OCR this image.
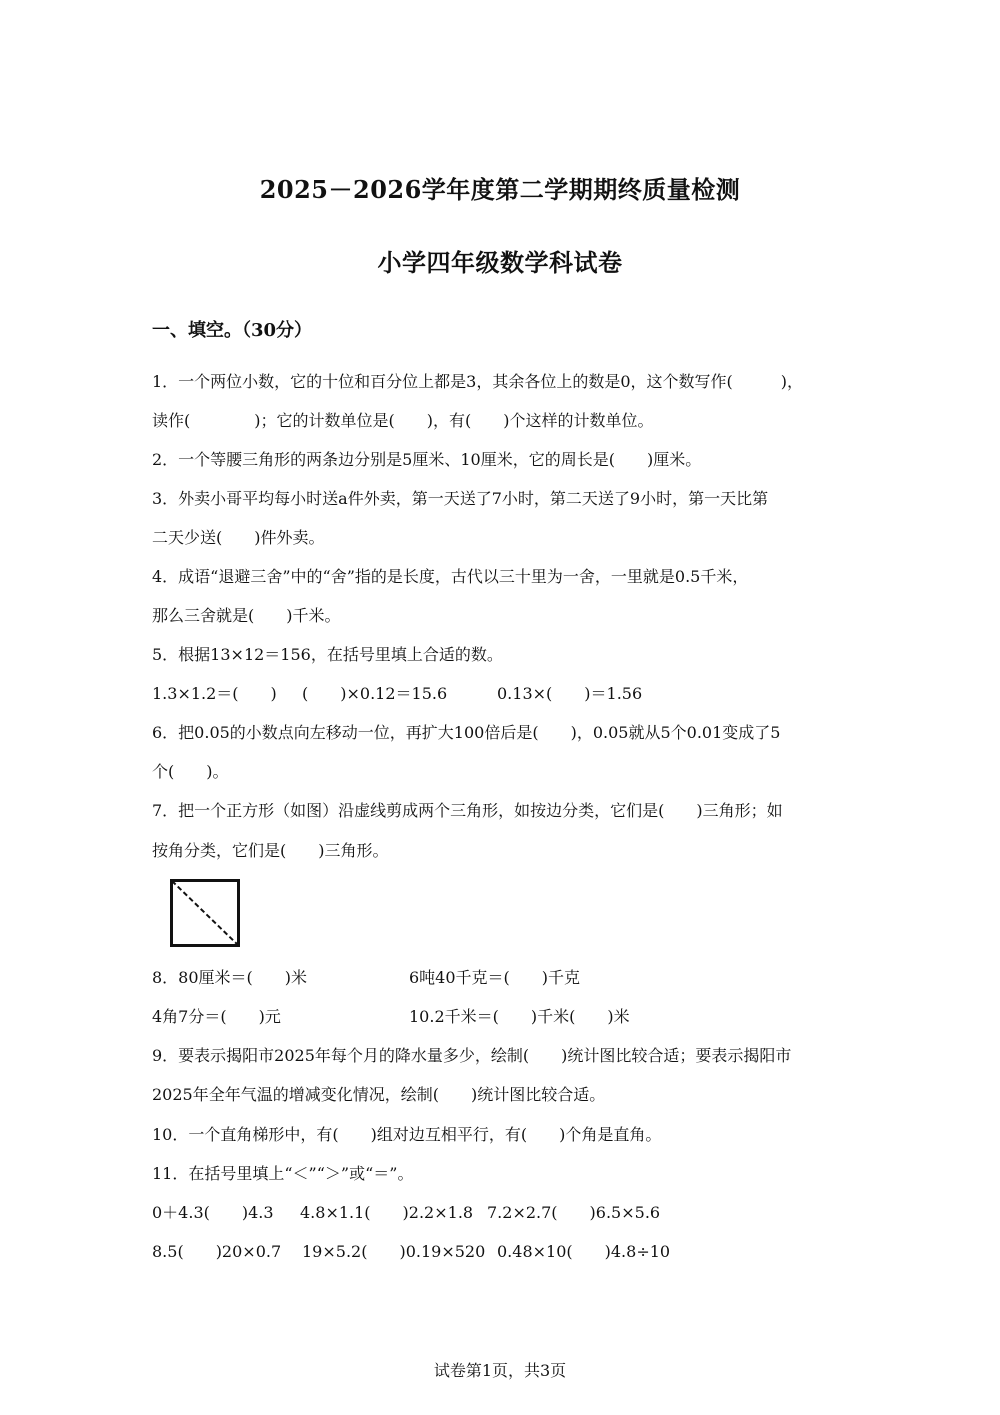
2025－2026学年度第二学期期终质量检测
小学四年级数学科试卷
一、填空。（30分）
1．一个两位小数，它的十位和百分位上都是3，其余各位上的数是0，这个数写作(　　　)，
读作(　　　　)；它的计数单位是(　　)，有(　　)个这样的计数单位。
2．一个等腰三角形的两条边分别是5厘米、10厘米，它的周长是(　　)厘米。
3．外卖小哥平均每小时送a件外卖，第一天送了7小时，第二天送了9小时，第一天比第
二天少送(　　)件外卖。
4．成语“退避三舍”中的“舍”指的是长度，古代以三十里为一舍，一里就是0.5千米，
那么三舍就是(　　)千米。
5．根据13×12＝156，在括号里填上合适的数。
1.3×1.2＝(　　) (　　)×0.12＝15.6	0.13×(　　)＝1.56
6．把0.05的小数点向左移动一位，再扩大100倍后是(　　)，0.05就从5个0.01变成了5
个(　　)。
7．把一个正方形（如图）沿虚线剪成两个三角形，如按边分类，它们是(　　)三角形；如
按角分类，它们是(　　)三角形。
8．80厘米＝(　　)米	6吨40千克＝(　　)千克
4角7分＝(　　)元	10.2千米＝(　　)千米(　　)米
9．要表示揭阳市2025年每个月的降水量多少，绘制(　　)统计图比较合适；要表示揭阳市
2025年全年气温的增减变化情况，绘制(　　)统计图比较合适。
10．一个直角梯形中，有(　　)组对边互相平行，有(　　)个角是直角。
11．在括号里填上“＜”“＞”或“＝”。
0＋4.3(　　)4.3 4.8×1.1(　　)2.2×1.8 7.2×2.7(　　)6.5×5.6
8.5(　　)20×0.7 19×5.2(　　)0.19×520 0.48×10(　　)4.8÷10
试卷第1页，共3页
